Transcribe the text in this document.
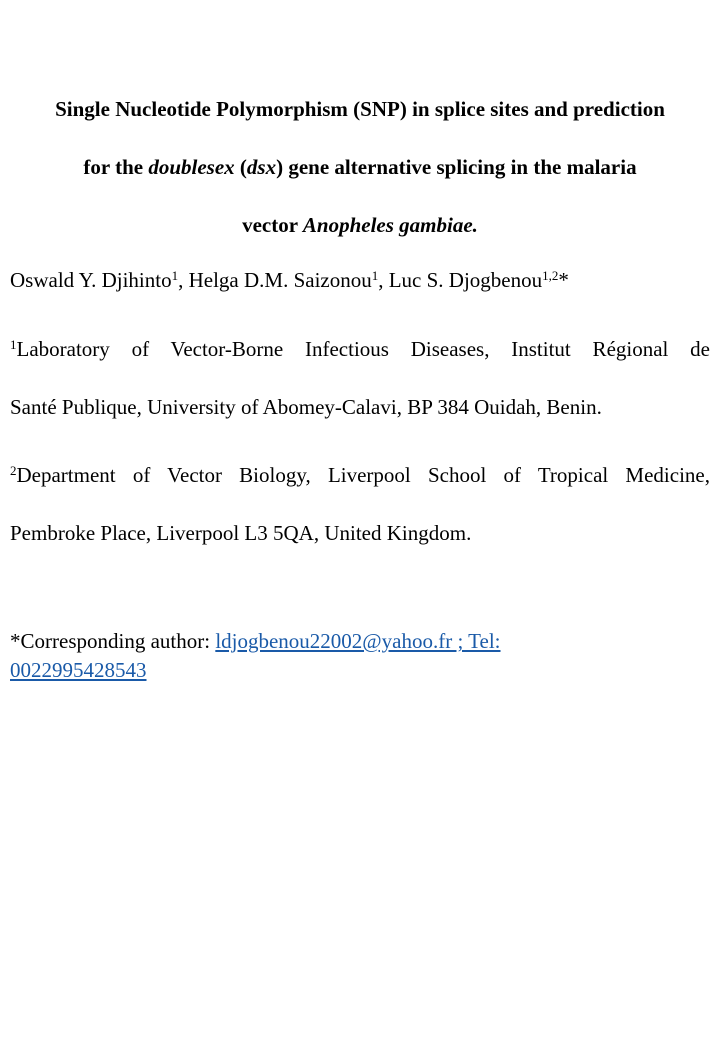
Single Nucleotide Polymorphism (SNP) in splice sites and prediction
for the doublesex (dsx) gene alternative splicing in the malaria
vector Anopheles gambiae.
Oswald Y. Djihinto$^1$, Helga D.M. Saizonou$^1$, Luc S. Djogbenou$^{1,2}$*
$^1$Laboratory of Vector-Borne Infectious Diseases, Institut Régional de
Santé Publique, University of Abomey-Calavi, BP 384 Ouidah, Benin.
$^2$Department of Vector Biology, Liverpool School of Tropical Medicine,
Pembroke Place, Liverpool L3 5QA, United Kingdom.
*Corresponding author: ldjogbenou22002@yahoo.fr ; Tel:
0022995428543
